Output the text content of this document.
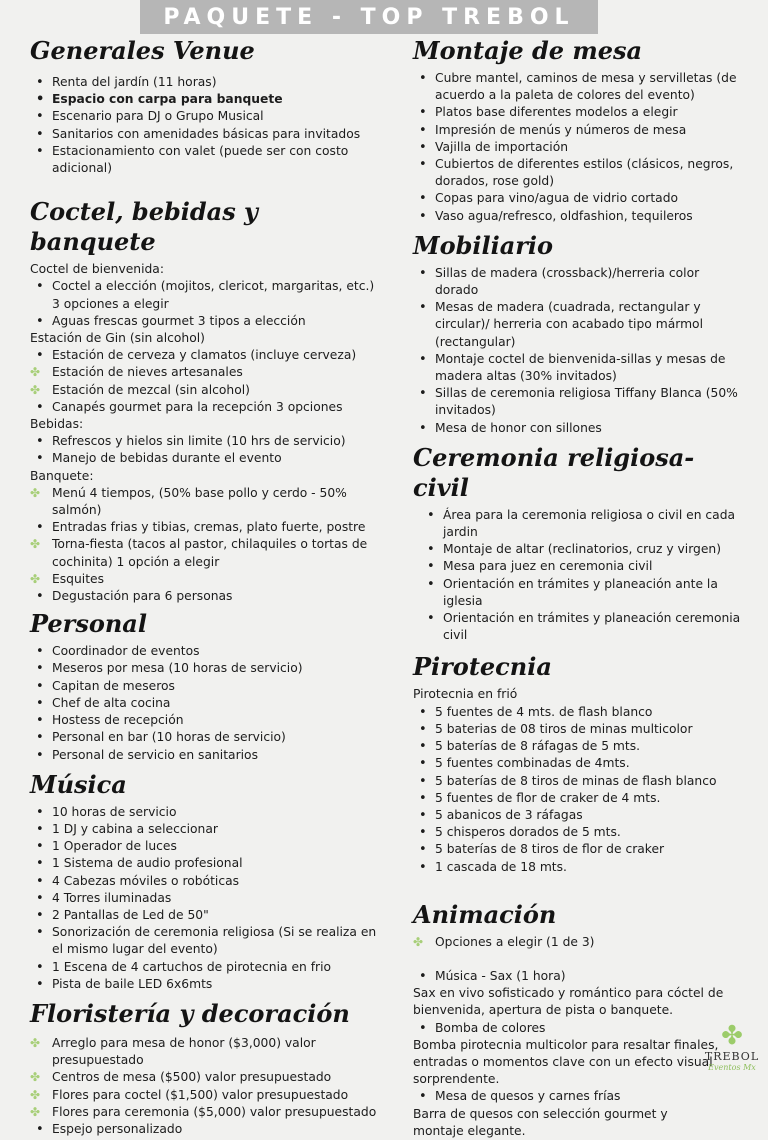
PAQUETE - TOP TREBOL
Generales Venue
• Renta del jardín (11 horas)
• Espacio con carpa para banquete
• Escenario para DJ o Grupo Musical
• Sanitarios con amenidades básicas para invitados
• Estacionamiento con valet (puede ser con costo adicional)
Coctel, bebidas y banquete
Coctel de bienvenida:
• Coctel a elección (mojitos, clericot, margaritas, etc.) 3 opciones a elegir
• Aguas frescas gourmet 3 tipos a elección
Estación de Gin (sin alcohol)
• Estación de cerveza y clamatos (incluye cerveza)
✤ Estación de nieves artesanales
✤ Estación de mezcal (sin alcohol)
• Canapés gourmet para la recepción 3 opciones
Bebidas:
• Refrescos y hielos sin limite (10 hrs de servicio)
• Manejo de bebidas durante el evento
Banquete:
✤ Menú 4 tiempos, (50% base pollo y cerdo - 50% salmón)
• Entradas frias y tibias, cremas, plato fuerte, postre
✤ Torna-fiesta (tacos al pastor, chilaquiles o tortas de cochinita) 1 opción a elegir
✤ Esquites
• Degustación para 6 personas
Personal
• Coordinador de eventos
• Meseros por mesa (10 horas de servicio)
• Capitan de meseros
• Chef de alta cocina
• Hostess de recepción
• Personal en bar (10 horas de servicio)
• Personal de servicio en sanitarios
Música
• 10 horas de servicio
• 1 DJ y cabina a seleccionar
• 1 Operador de luces
• 1 Sistema de audio profesional
• 4 Cabezas móviles o robóticas
• 4 Torres iluminadas
• 2 Pantallas de Led de 50"
• Sonorización de ceremonia religiosa (Si se realiza en el mismo lugar del evento)
• 1 Escena de 4 cartuchos de pirotecnia en frio
• Pista de baile LED 6x6mts
Floristería y decoración
✤ Arreglo para mesa de honor ($3,000) valor presupuestado
✤ Centros de mesa ($500) valor presupuestado
✤ Flores para coctel ($1,500) valor presupuestado
✤ Flores para ceremonia ($5,000) valor presupuestado
• Espejo personalizado
Montaje de mesa
• Cubre mantel, caminos de mesa y servilletas (de acuerdo a la paleta de colores del evento)
• Platos base diferentes modelos a elegir
• Impresión de menús y números de mesa
• Vajilla de importación
• Cubiertos de diferentes estilos (clásicos, negros, dorados, rose gold)
• Copas para vino/agua de vidrio cortado
• Vaso agua/refresco, oldfashion, tequileros
Mobiliario
• Sillas de madera (crossback)/herreria color dorado
• Mesas de madera (cuadrada, rectangular y circular)/ herreria con acabado tipo mármol (rectangular)
• Montaje coctel de bienvenida-sillas y mesas de madera altas (30% invitados)
• Sillas de ceremonia religiosa Tiffany Blanca (50% invitados)
• Mesa de honor con sillones
Ceremonia religiosa-civil
• Área para la ceremonia religiosa o civil en cada jardin
• Montaje de altar (reclinatorios, cruz y virgen)
• Mesa para juez en ceremonia civil
• Orientación en trámites y planeación ante la iglesia
• Orientación en trámites y planeación ceremonia civil
Pirotecnia
Pirotecnia en frió
• 5 fuentes de 4 mts. de flash blanco
• 5 baterias de 08 tiros de minas multicolor
• 5 baterías de 8 ráfagas de 5 mts.
• 5 fuentes combinadas de 4mts.
• 5 baterías de 8 tiros de minas de flash blanco
• 5 fuentes de flor de craker de 4 mts.
• 5 abanicos de 3 ráfagas
• 5 chisperos dorados de 5 mts.
• 5 baterías de 8 tiros de flor de craker
• 1 cascada de 18 mts.
Animación
✤ Opciones a elegir (1 de 3)
• Música - Sax (1 hora)
Sax en vivo sofisticado y romántico para cóctel de bienvenida, apertura de pista o banquete.
• Bomba de colores
Bomba pirotecnia multicolor para resaltar finales, entradas o momentos clave con un efecto visual sorprendente.
• Mesa de quesos y carnes frías
Barra de quesos con selección gourmet y montaje elegante.
✤
TREBOL
Eventos Mx
